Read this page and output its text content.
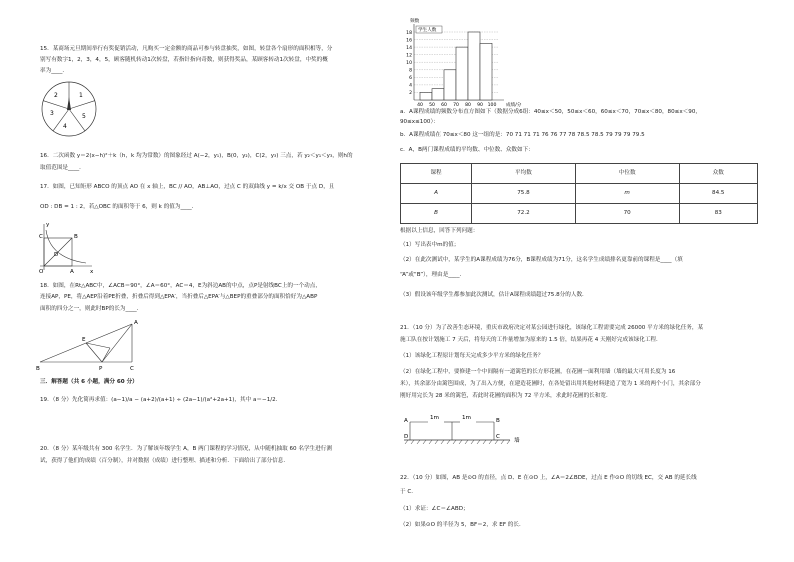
15．某商场元旦期间举行有奖促销活动，凡购买一定金额的商品可参与转盘抽奖，如图，转盘各个扇形的面积相等，分
别写有数字1，2，3，4，5，顾客随机转动1次转盘，若指针指向奇数，则获得奖品，某顾客转动1次转盘，中奖的概
率为____．
1
2
3
4
5
16．二次函数 y＝2(x−h)²＋k（h，k 均为常数）的图象经过 A(−2，y₁)，B(0，y₂)，C(2，y₃) 三点，若 y₂＜y₁＜y₃，则h的
取值范围是____．
17．如图，已知矩形 ABCO 的顶点 AO 在 x 轴上，BC // AO，AB⊥AO，过点 C 的双曲线 y = k/x 交 OB 于点 D，且
OD : DB = 1 : 2，若△OBC 的面积等于 6，则 k 的值为____．
C	B
D
O	A
y
x
18．如图，在Rt△ABC中，∠ACB＝90°，∠A＝60°，AC＝4，E为斜边AB的中点，点P是射线BC上的一个动点，
连接AP，PE，将△AEP沿着PE折叠，折叠后得到△EPA′，当折叠后△EPA′与△BEP的重叠部分的面积恰好为△ABP
面积的四分之一，则此时BP的长为____．
A
E
B	P	C
三．解答题（共 6 小题，满分 60 分）
19．（8 分）先化简再求值：(a−1)/a − (a+2)/(a+1) ÷ (2a−1)/(a²+2a+1)，其中 a＝−1/2．
20．（8 分）某年级共有 300 名学生．为了解该年级学生 A，B 两门课程的学习情况，从中随机抽取 60 名学生进行测
试，获得了他们的成绩（百分制），并对数据（成绩）进行整理、描述和分析．下面给出了部分信息．
2
4
6
8
10
12
14
16
18
40 50 60 70 80 90 100 成绩/分
频数
学生人数
a．A课程成绩的频数分布直方图如下（数据分成6组：40≤x＜50，50≤x＜60，60≤x＜70，70≤x＜80，80≤x＜90，
90≤x≤100）：
b．A课程成绩在 70≤x＜80 这一组的是：70 71 71 71 76 76 77 78 78.5 78.5 79 79 79 79.5
c．A，B两门课程成绩的平均数、中位数、众数如下：
课程	平均数	中位数	众数
A	75.8	m	84.5
B	72.2	70	83
根据以上信息，回答下列问题：
（1）写出表中m的值；
（2）在此次测试中，某学生的A课程成绩为76分，B课程成绩为71分，这名学生成绩排名更靠前的课程是____（填
“A”或“B”），理由是____．
（3）假设该年级学生都参加此次测试，估计A课程成绩超过75.8分的人数．
21．（10 分）为了改善生态环境，重庆市政府决定对某公园进行绿化，该绿化工程需要完成 26000 平方米的绿化任务，某
施工队在按计划施工 7 天后，将每天的工作量增加为原来的 1.5 倍，结果再花 4 天刚好完成该绿化工程．
（1）该绿化工程原计划每天完成多少平方米的绿化任务？
（2）在绿化工程中，要修建一个中间隔有一道篱笆的长方形花圃，在花圃一面利用墙（墙的最大可用长度为 16
米），其余部分由篱笆围成，为了出入方便，在建造花圃时，在各处留出用其他材料建造了宽为 1 米的两个小门，其余部分
刚好用完长为 28 米的篱笆，若此时花圃的面积为 72 平方米，求此时花圃的长和宽．
1m	1m
A	B
D	C
墙
22．（10 分）如图，AB 是⊙O 的直径，点 D、E 在⊙O 上，∠A＝2∠BDE，过点 E 作⊙O 的切线 EC，交 AB 的延长线
于 C．
（1）求证：∠C＝∠ABD；
（2）如果⊙O 的半径为 5，BF＝2，求 EF 的长．
